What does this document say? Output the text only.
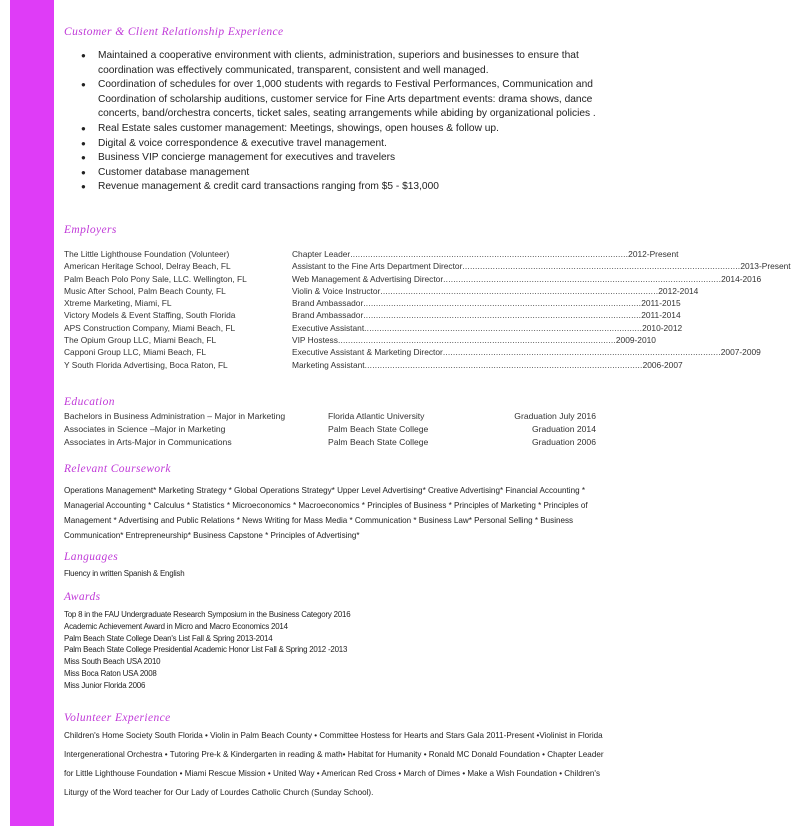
Customer & Client Relationship Experience
● Maintained a cooperative environment with clients, administration, superiors and businesses to ensure that coordination was effectively communicated, transparent, consistent and well managed.
● Coordination of schedules for over 1,000 students with regards to Festival Performances, Communication and Coordination of scholarship auditions, customer service for Fine Arts department events: drama shows, dance concerts, band/orchestra concerts, ticket sales, seating arrangements while abiding by organizational policies .
● Real Estate sales customer management: Meetings, showings, open houses & follow up.
● Digital & voice correspondence & executive travel management.
● Business VIP concierge management for executives and travelers
● Customer database management
● Revenue management & credit card transactions ranging from $5 - $13,000
Employers
The Little Lighthouse Foundation (Volunteer)	Chapter Leader .............................................................................................................. 2012-Present
American Heritage School, Delray Beach, FL	Assistant to the Fine Arts Department Director .............................................................................................................. 2013-Present
Palm Beach Polo Pony Sale, LLC. Wellington, FL	Web Management & Advertising Director .............................................................................................................. 2014-2016
Music After School, Palm Beach County, FL	Violin & Voice Instructor .............................................................................................................. 2012-2014
Xtreme Marketing, Miami, FL	Brand Ambassador .............................................................................................................. 2011-2015
Victory Models & Event Staffing, South Florida	Brand Ambassador .............................................................................................................. 2011-2014
APS Construction Company, Miami Beach, FL	Executive Assistant .............................................................................................................. 2010-2012
The Opium Group LLC, Miami Beach, FL	VIP Hostess .............................................................................................................. 2009-2010
Capponi Group LLC, Miami Beach, FL	Executive Assistant & Marketing Director .............................................................................................................. 2007-2009
Y South Florida Advertising, Boca Raton, FL	Marketing Assistant .............................................................................................................. 2006-2007
Education
Bachelors in Business Administration – Major in Marketing	Florida Atlantic University	Graduation July 2016
Associates in Science –Major in Marketing	Palm Beach State College	Graduation 2014
Associates in Arts-Major in Communications	Palm Beach State College	Graduation 2006
Relevant Coursework
Operations Management* Marketing Strategy * Global Operations Strategy* Upper Level Advertising* Creative Advertising* Financial Accounting * Managerial Accounting * Calculus * Statistics * Microeconomics * Macroeconomics * Principles of Business * Principles of Marketing * Principles of Management * Advertising and Public Relations * News Writing for Mass Media * Communication * Business Law* Personal Selling * Business Communication* Entrepreneurship* Business Capstone * Principles of Advertising*
Languages
Fluency in written Spanish & English
Awards
Top 8 in the FAU Undergraduate Research Symposium in the Business Category 2016
Academic Achievement Award in Micro and Macro Economics 2014
Palm Beach State College Dean's List Fall & Spring 2013-2014
Palm Beach State College Presidential Academic Honor List Fall & Spring 2012 -2013
Miss South Beach USA 2010
Miss Boca Raton USA 2008
Miss Junior Florida 2006
Volunteer Experience
Children's Home Society South Florida • Violin in Palm Beach County • Committee Hostess for Hearts and Stars Gala 2011-Present •Violinist in Florida Intergenerational Orchestra • Tutoring Pre-k & Kindergarten in reading & math• Habitat for Humanity • Ronald MC Donald Foundation • Chapter Leader for Little Lighthouse Foundation • Miami Rescue Mission • United Way • American Red Cross • March of Dimes • Make a Wish Foundation • Children's Liturgy of the Word teacher for Our Lady of Lourdes Catholic Church (Sunday School).
